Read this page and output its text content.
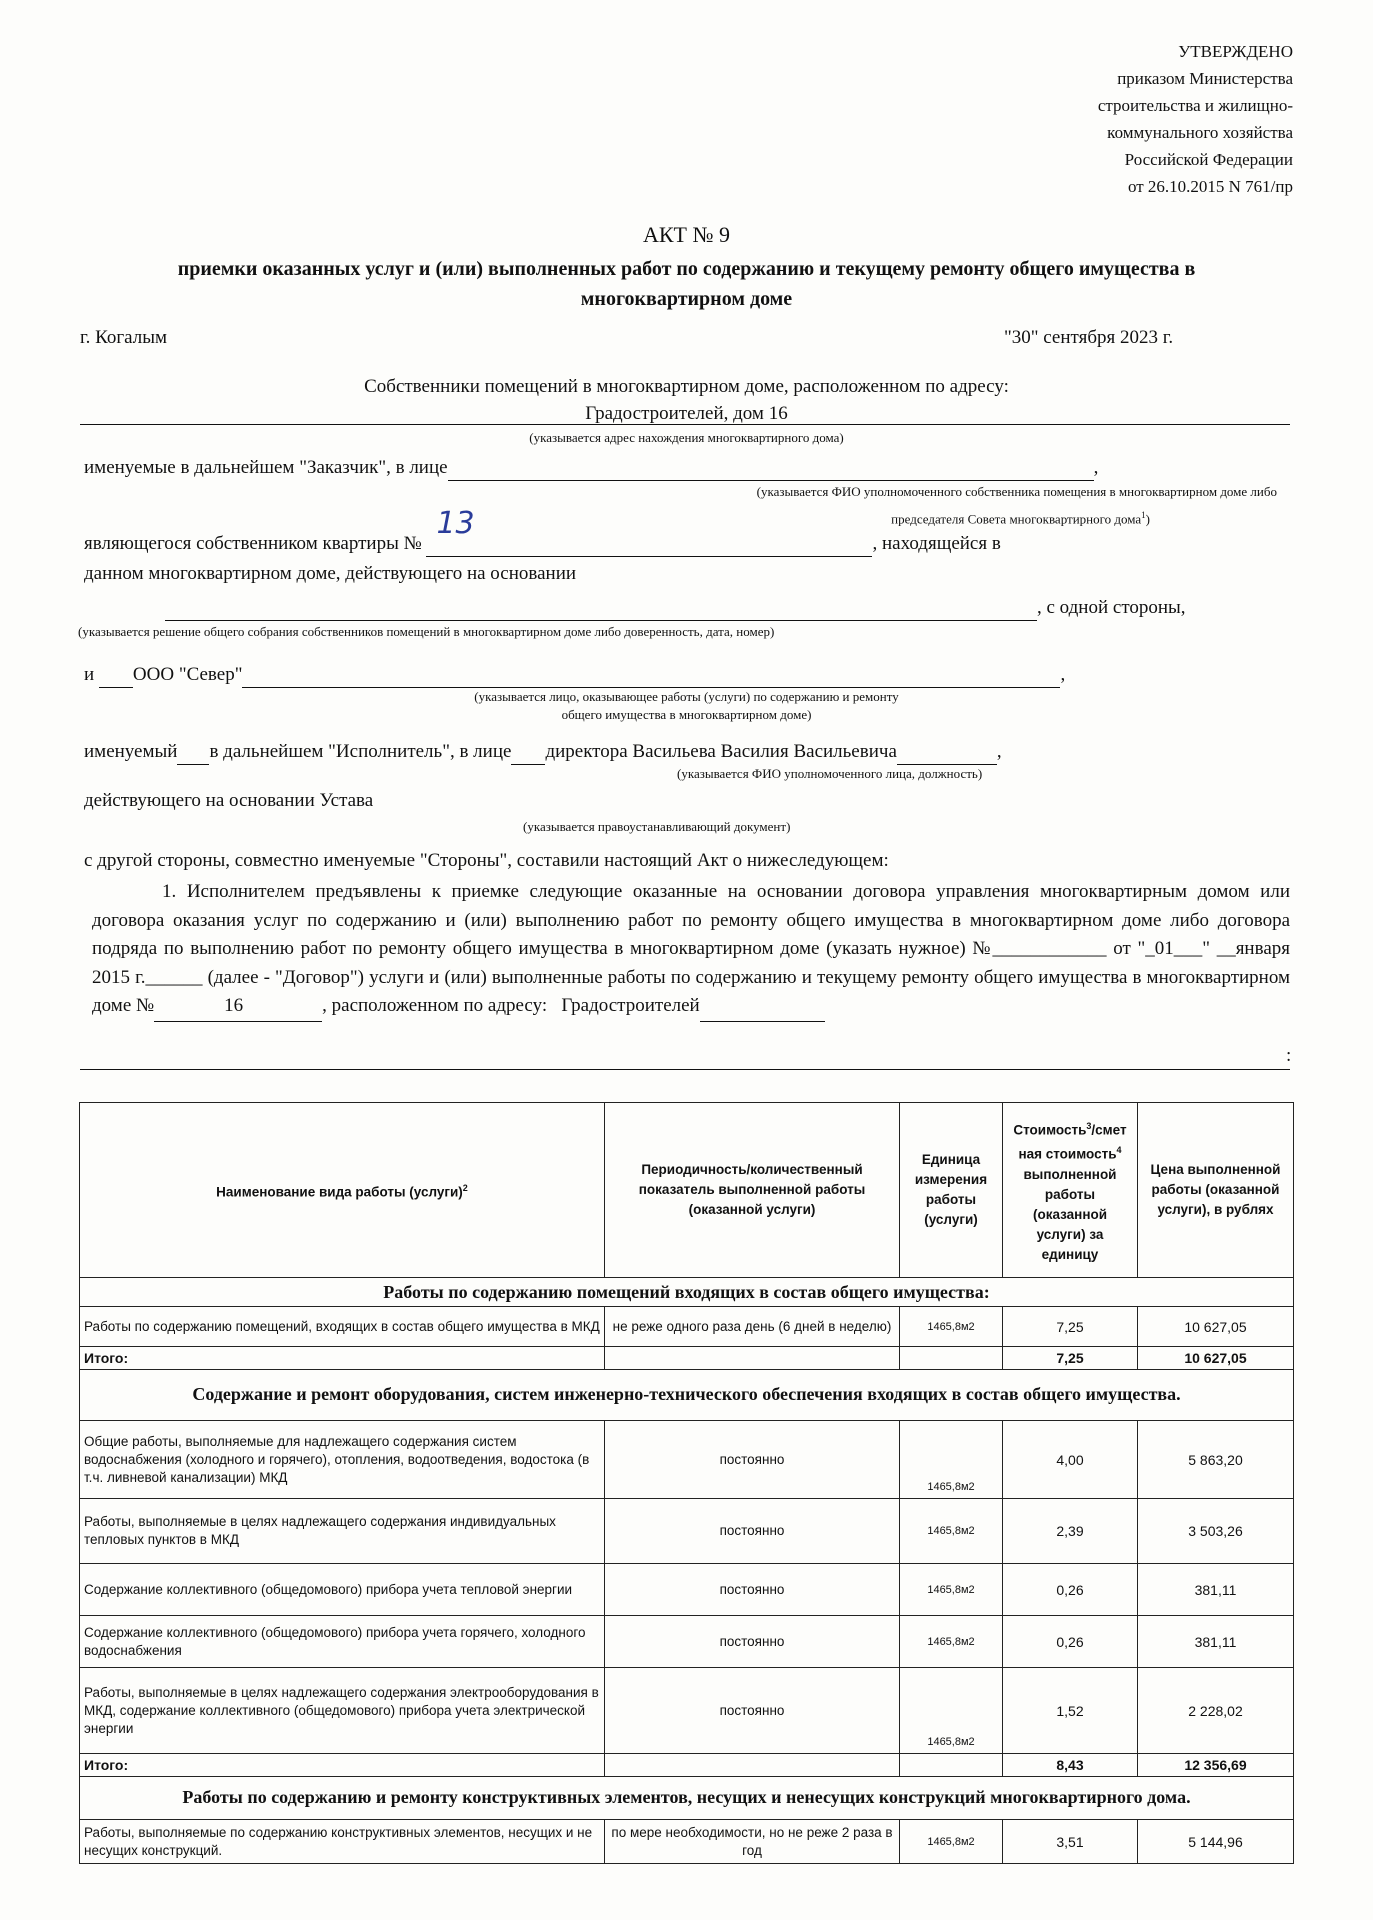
УТВЕРЖДЕНО
приказом Министерства
строительства и жилищно-
коммунального хозяйства
Российской Федерации
от 26.10.2015 N 761/пр
АКТ № 9
приемки оказанных услуг и (или) выполненных работ по содержанию и текущему ремонту общего имущества в многоквартирном доме
г. Когалым	"30" сентября 2023 г.
Собственники помещений в многоквартирном доме, расположенном по адресу:
Градостроителей, дом 16
(указывается адрес нахождения многоквартирного дома)
именуемые в дальнейшем "Заказчик", в лице	,
(указывается ФИО уполномоченного собственника помещения в многоквартирном доме либо
председателя Совета многоквартирного дома$^1$)
являющегося собственником квартиры №
13
, находящейся в
данном многоквартирном доме, действующего на основании
, с одной стороны,
(указывается решение общего собрания собственников помещений в многоквартирном доме либо доверенность, дата, номер)
и ООО "Север"	,
(указывается лицо, оказывающее работы (услуги) по содержанию и ремонту
общего имущества в многоквартирном доме)
именуемый в дальнейшем "Исполнитель", в лице директора Васильева Василия Васильевича	,
(указывается ФИО уполномоченного лица, должность)
действующего на основании Устава
(указывается правоустанавливающий документ)
с другой стороны, совместно именуемые "Стороны", составили настоящий Акт о нижеследующем:
1. Исполнителем предъявлены к приемке следующие оказанные на основании договора управления многоквартирным домом или договора оказания услуг по содержанию и (или) выполнению работ по ремонту общего имущества в многоквартирном доме либо договора подряда по выполнению работ по ремонту общего имущества в многоквартирном доме (указать нужное) №____________ от "_01___" __января 2015 г.______ (далее - "Договор") услуги и (или) выполненные работы по содержанию и текущему ремонту общего имущества в многоквартирном доме №	16	, расположенном по адресу: Градостроителей
:
Наименование вида работы (услуги)$^2$	Периодичность/количественный показатель выполненной работы (оказанной услуги)	Единица измерения работы (услуги)	Стоимость$^3$/смет ная стоимость$^4$ выполненной работы (оказанной услуги) за единицу	Цена выполненной работы (оказанной услуги), в рублях
Работы по содержанию помещений входящих в состав общего имущества:				
Работы по содержанию помещений, входящих в состав общего имущества в МКД	не реже одного раза день (6 дней в неделю)	1465,8м2	7,25	10 627,05
Итого:			7,25	10 627,05
Содержание и ремонт оборудования, систем инженерно-технического обеспечения входящих в состав общего имущества.				
Общие работы, выполняемые для надлежащего содержания систем водоснабжения (холодного и горячего), отопления, водоотведения, водостока (в т.ч. ливневой канализации) МКД	постоянно	1465,8м2	4,00	5 863,20
Работы, выполняемые в целях надлежащего содержания индивидуальных тепловых пунктов в МКД	постоянно	1465,8м2	2,39	3 503,26
Содержание коллективного (общедомового) прибора учета тепловой энергии	постоянно	1465,8м2	0,26	381,11
Содержание коллективного (общедомового) прибора учета горячего, холодного водоснабжения	постоянно	1465,8м2	0,26	381,11
Работы, выполняемые в целях надлежащего содержания электрооборудования в МКД, содержание коллективного (общедомового) прибора учета электрической энергии	постоянно	1465,8м2	1,52	2 228,02
Итого:			8,43	12 356,69
Работы по содержанию и ремонту конструктивных элементов, несущих и ненесущих конструкций многоквартирного дома.				
Работы, выполняемые по содержанию конструктивных элементов, несущих и не несущих конструкций.	по мере необходимости, но не реже 2 раза в год	1465,8м2	3,51	5 144,96
